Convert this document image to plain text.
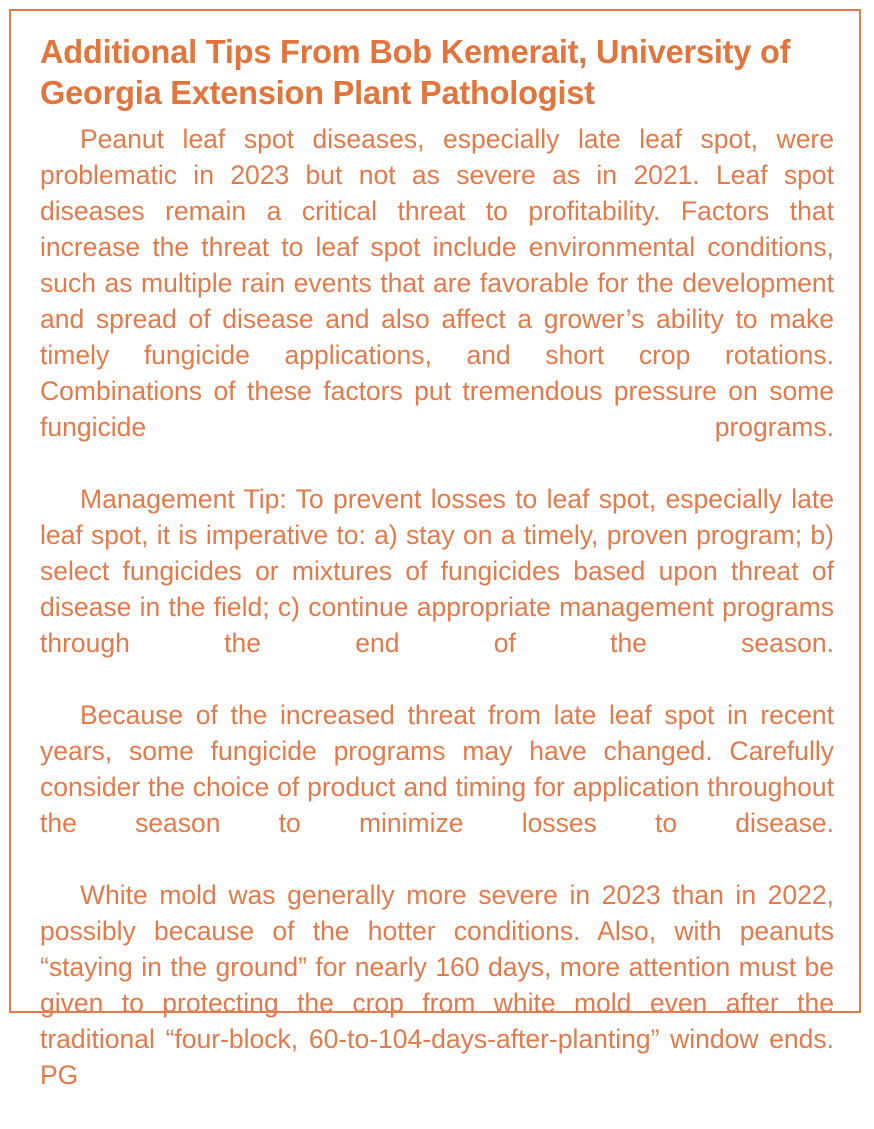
Additional Tips From Bob Kemerait, University of Georgia Extension Plant Pathologist

Peanut leaf spot diseases, especially late leaf spot, were problematic in 2023 but not as severe as in 2021. Leaf spot diseases remain a critical threat to profitability. Factors that increase the threat to leaf spot include environmental conditions, such as multiple rain events that are favorable for the development and spread of disease and also affect a grower’s ability to make timely fungicide applications, and short crop rotations. Combinations of these factors put tremendous pressure on some fungicide programs.

Management Tip: To prevent losses to leaf spot, especially late leaf spot, it is imperative to: a) stay on a timely, proven program; b) select fungicides or mixtures of fungicides based upon threat of disease in the field; c) continue appropriate management programs through the end of the season.

Because of the increased threat from late leaf spot in recent years, some fungicide programs may have changed. Carefully consider the choice of product and timing for application throughout the season to minimize losses to disease.

White mold was generally more severe in 2023 than in 2022, possibly because of the hotter conditions. Also, with peanuts “staying in the ground” for nearly 160 days, more attention must be given to protecting the crop from white mold even after the traditional “four-block, 60-to-104-days-after-planting” window ends. PG
